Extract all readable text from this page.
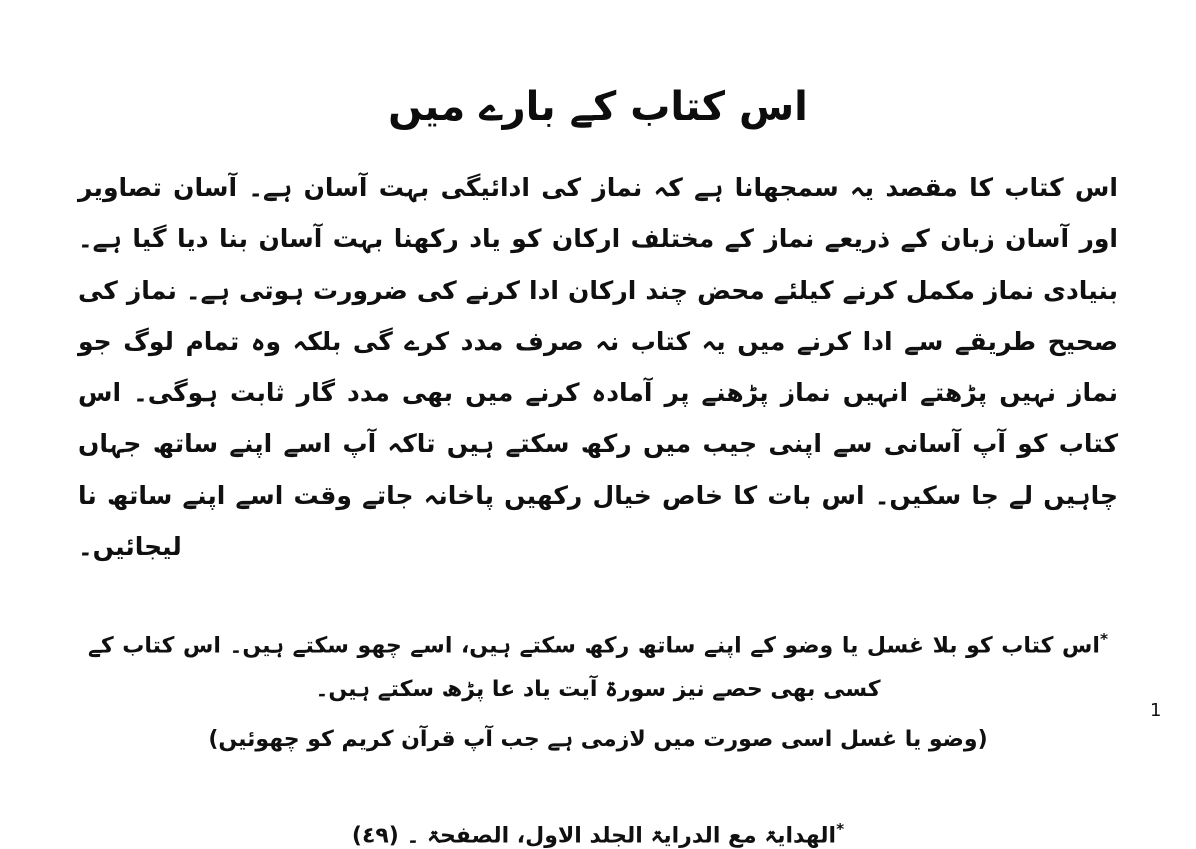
اس کتاب کے بارے میں

اس کتاب کا مقصد یہ سمجھانا ہے کہ نماز کی ادائیگی بہت آسان ہے۔ آسان تصاویر اور آسان زبان کے ذریعے نماز کے مختلف ارکان کو یاد رکھنا بہت آسان بنا دیا گیا ہے۔ بنیادی نماز مکمل کرنے کیلئے محض چند ارکان ادا کرنے کی ضرورت ہوتی ہے۔ نماز کی صحیح طریقے سے ادا کرنے میں یہ کتاب نہ صرف مدد کرے گی بلکہ وہ تمام لوگ جو نماز نہیں پڑھتے انہیں نماز پڑھنے پر آمادہ کرنے میں بھی مدد گار ثابت ہوگی۔ اس کتاب کو آپ آسانی سے اپنی جیب میں رکھ سکتے ہیں تاکہ آپ اسے اپنے ساتھ جہاں چاہیں لے جا سکیں۔ اس بات کا خاص خیال رکھیں پاخانہ جاتے وقت اسے اپنے ساتھ نا لیجائیں۔

*اس کتاب کو بلا غسل یا وضو کے اپنے ساتھ رکھ سکتے ہیں، اسے چھو سکتے ہیں۔ اس کتاب کے کسی بھی حصے نیز سورۃ آیت یاد عا پڑھ سکتے ہیں۔
(وضو یا غسل اسی صورت میں لازمی ہے جب آپ قرآن کریم کو چھوئیں)
*الھدایۃ مع الدرایۃ الجلد الاول، الصفحۃ ۔ (٤٩)
1
